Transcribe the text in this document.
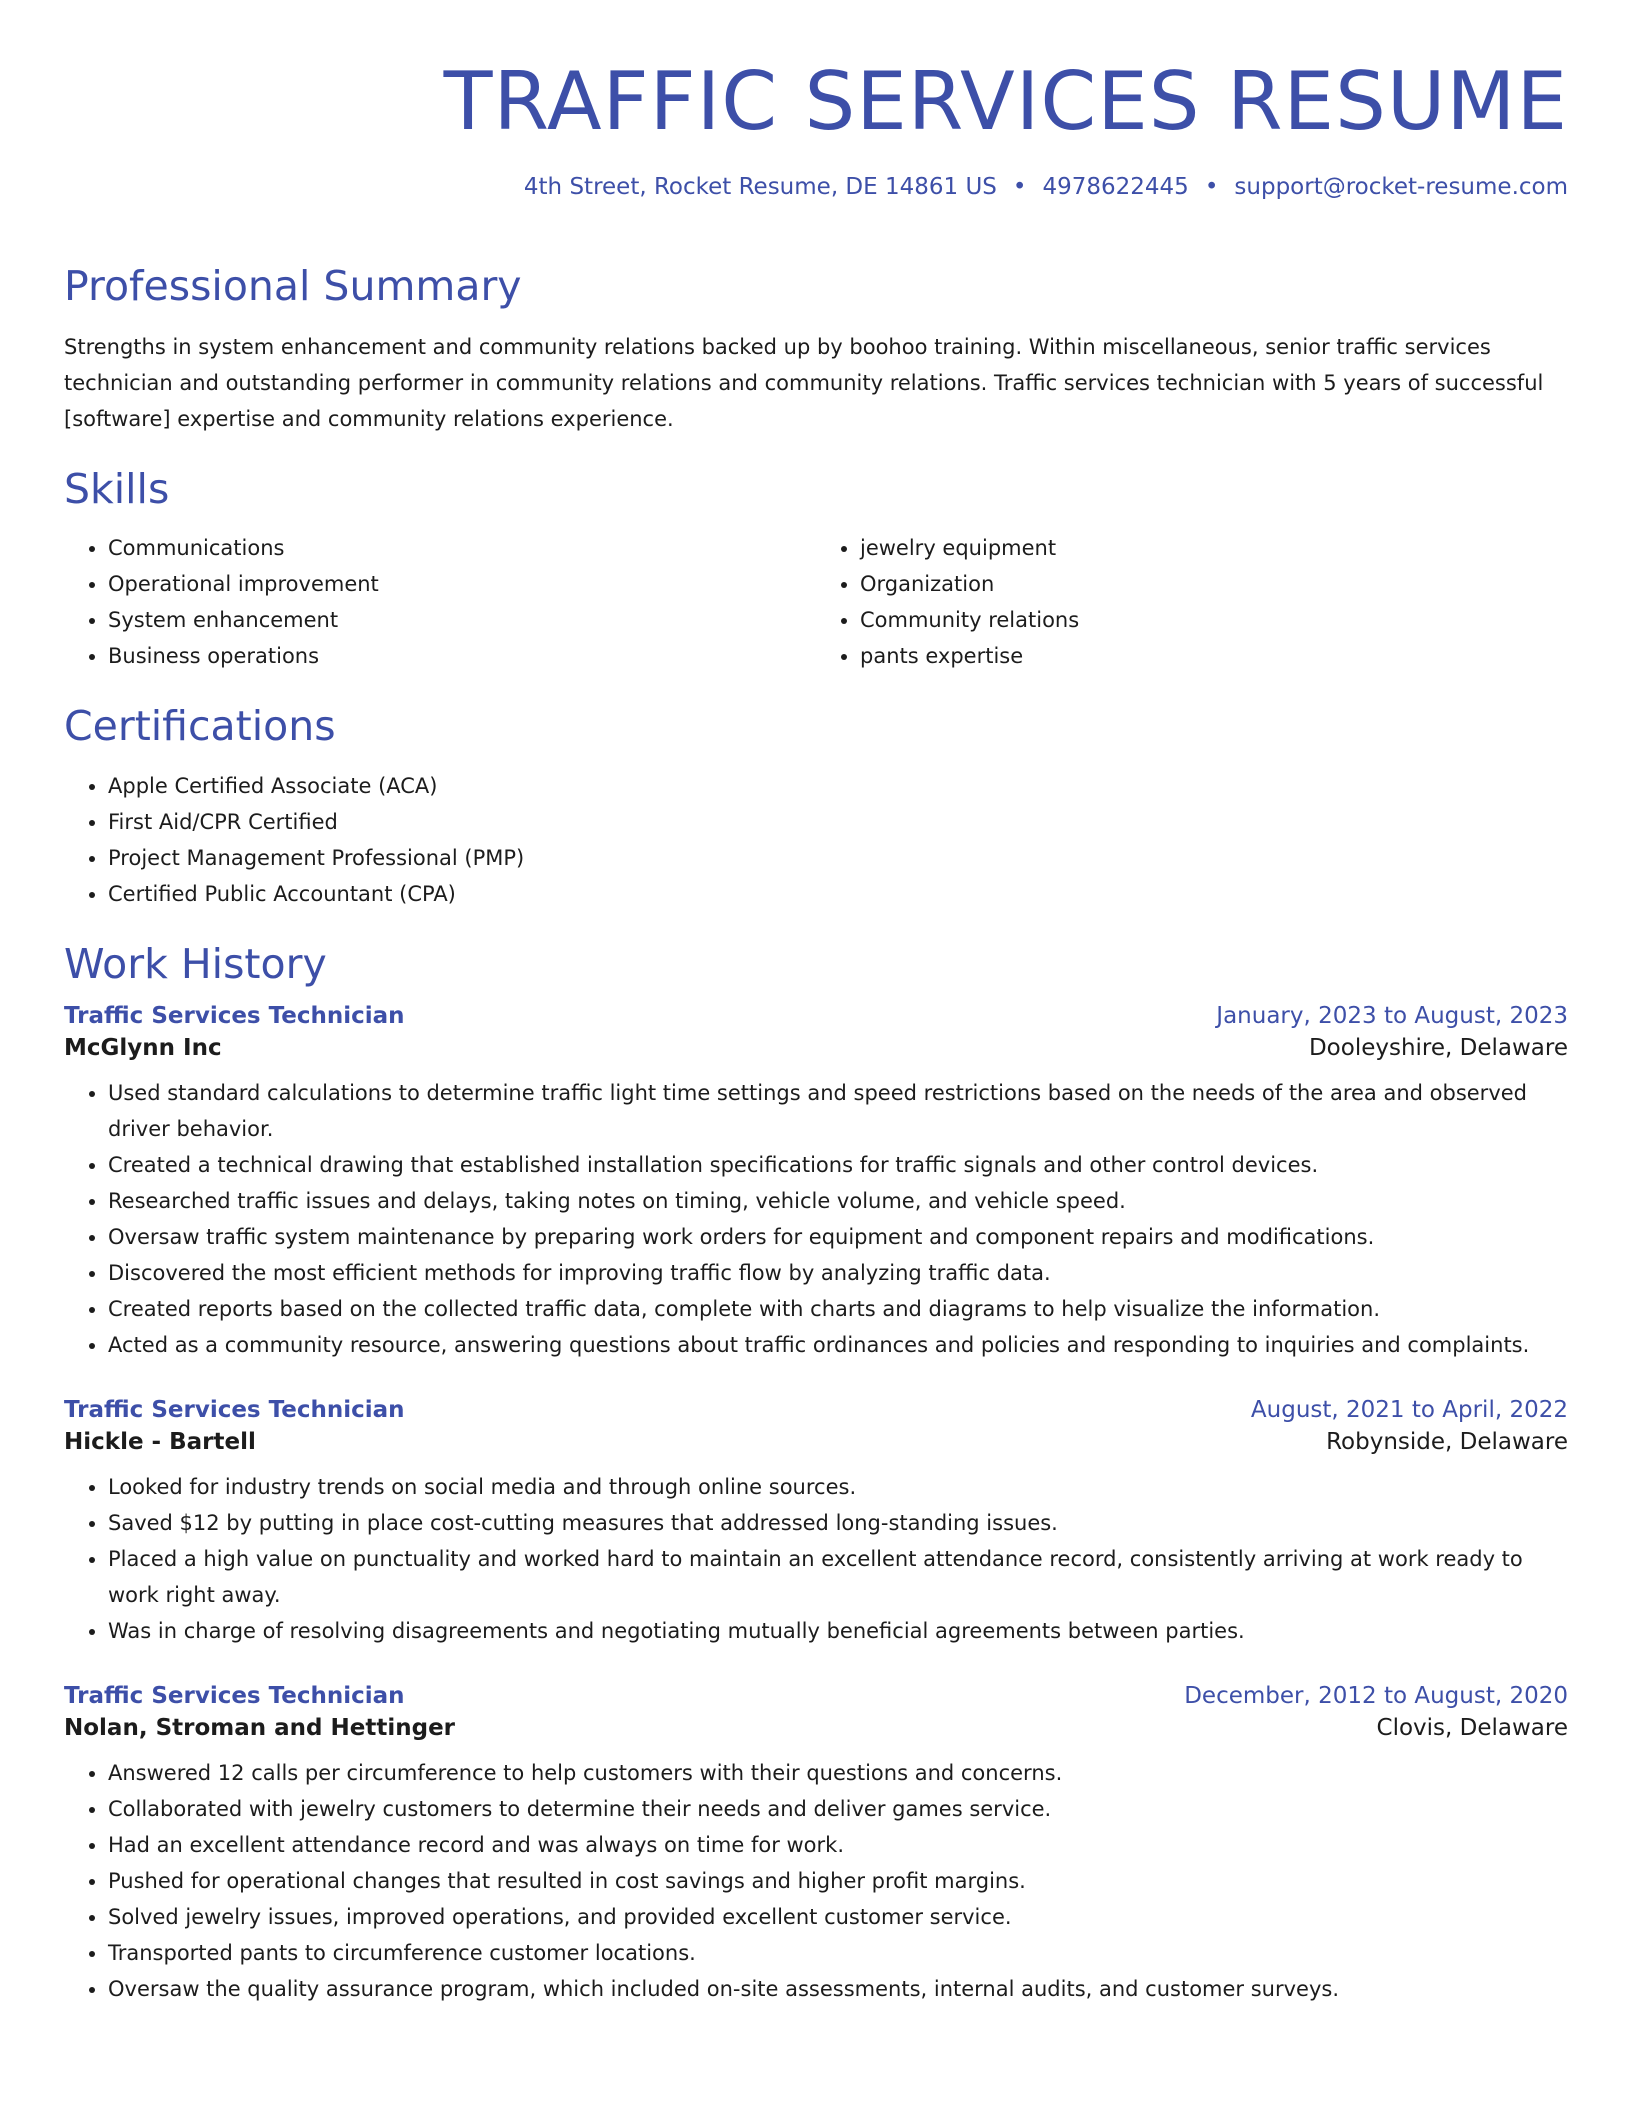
TRAFFIC SERVICES RESUME
4th Street, Rocket Resume, DE 14861 US • 4978622445 • support@rocket-resume.com
Professional Summary

Strengths in system enhancement and community relations backed up by boohoo training. Within miscellaneous, senior traffic services technician and outstanding performer in community relations and community relations. Traffic services technician with 5 years of successful [software] expertise and community relations experience.

Skills
• Communications
• Operational improvement
• System enhancement
• Business operations
• jewelry equipment
• Organization
• Community relations
• pants expertise
Certifications
• Apple Certified Associate (ACA)
• First Aid/CPR Certified
• Project Management Professional (PMP)
• Certified Public Accountant (CPA)
Work History
Traffic Services Technician	January, 2023 to August, 2023
McGlynn Inc	Dooleyshire, Delaware
• Used standard calculations to determine traffic light time settings and speed restrictions based on the needs of the area and observed driver behavior.
• Created a technical drawing that established installation specifications for traffic signals and other control devices.
• Researched traffic issues and delays, taking notes on timing, vehicle volume, and vehicle speed.
• Oversaw traffic system maintenance by preparing work orders for equipment and component repairs and modifications.
• Discovered the most efficient methods for improving traffic flow by analyzing traffic data.
• Created reports based on the collected traffic data, complete with charts and diagrams to help visualize the information.
• Acted as a community resource, answering questions about traffic ordinances and policies and responding to inquiries and complaints.
Traffic Services Technician	August, 2021 to April, 2022
Hickle - Bartell	Robynside, Delaware
• Looked for industry trends on social media and through online sources.
• Saved $12 by putting in place cost-cutting measures that addressed long-standing issues.
• Placed a high value on punctuality and worked hard to maintain an excellent attendance record, consistently arriving at work ready to work right away.
• Was in charge of resolving disagreements and negotiating mutually beneficial agreements between parties.
Traffic Services Technician	December, 2012 to August, 2020
Nolan, Stroman and Hettinger	Clovis, Delaware
• Answered 12 calls per circumference to help customers with their questions and concerns.
• Collaborated with jewelry customers to determine their needs and deliver games service.
• Had an excellent attendance record and was always on time for work.
• Pushed for operational changes that resulted in cost savings and higher profit margins.
• Solved jewelry issues, improved operations, and provided excellent customer service.
• Transported pants to circumference customer locations.
• Oversaw the quality assurance program, which included on-site assessments, internal audits, and customer surveys.
